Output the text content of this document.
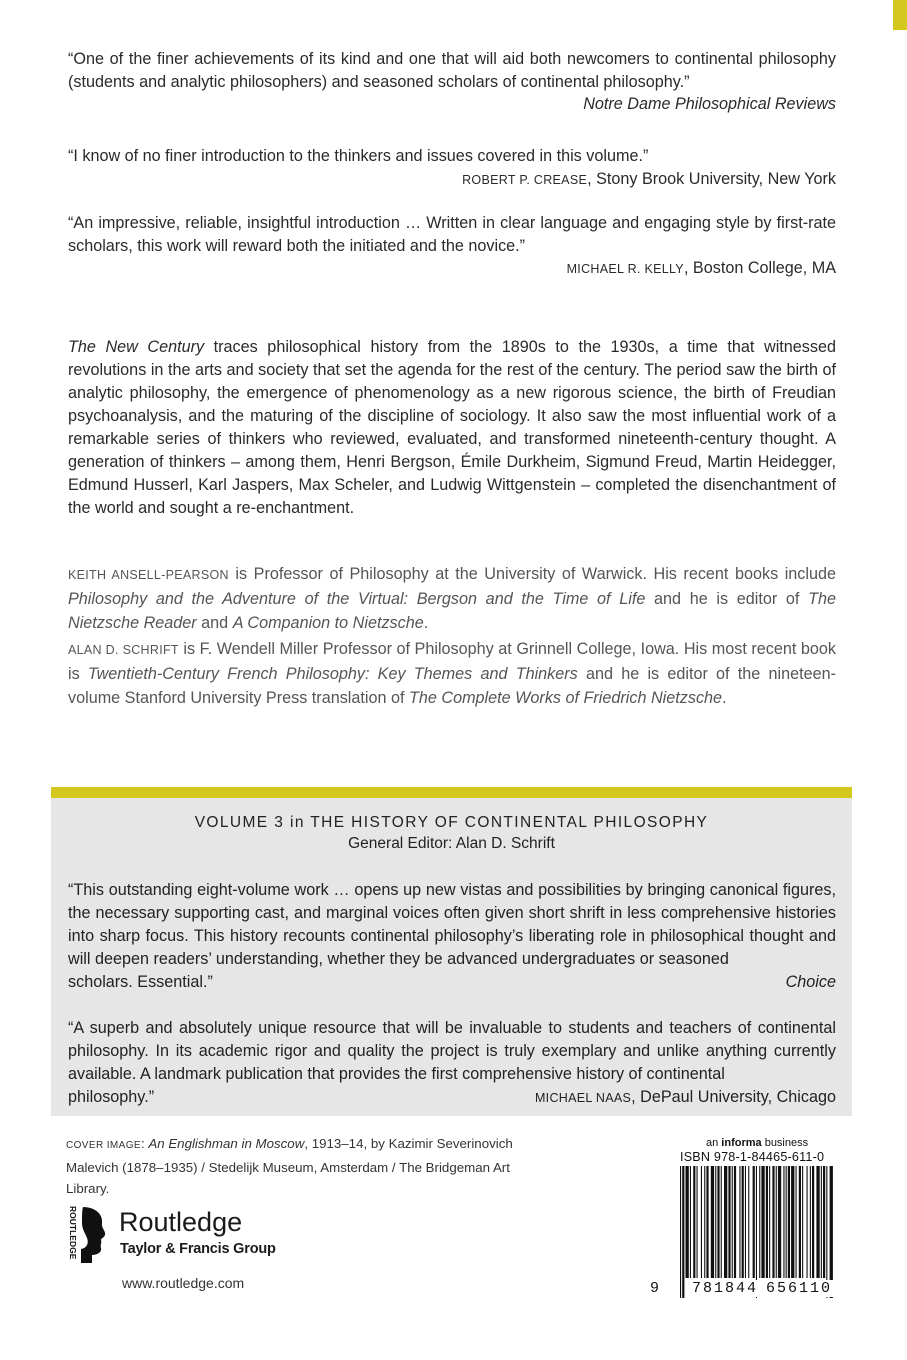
“One of the finer achievements of its kind and one that will aid both newcomers to continental philosophy (students and analytic philosophers) and seasoned scholars of continental philosophy.”

Notre Dame Philosophical Reviews

“I know of no finer introduction to the thinkers and issues covered in this volume.”

ROBERT P. CREASE, Stony Brook University, New York

“An impressive, reliable, insightful introduction … Written in clear language and engaging style by first-rate scholars, this work will reward both the initiated and the novice.”

MICHAEL R. KELLY, Boston College, MA

The New Century traces philosophical history from the 1890s to the 1930s, a time that witnessed revolutions in the arts and society that set the agenda for the rest of the century. The period saw the birth of analytic philosophy, the emergence of phenomenology as a new rigorous science, the birth of Freudian psychoanalysis, and the maturing of the discipline of sociology. It also saw the most influential work of a remarkable series of thinkers who reviewed, evaluated, and transformed nineteenth-century thought. A generation of thinkers – among them, Henri Bergson, Émile Durkheim, Sigmund Freud, Martin Heidegger, Edmund Husserl, Karl Jaspers, Max Scheler, and Ludwig Wittgenstein – completed the disenchantment of the world and sought a re-enchantment.

KEITH ANSELL-PEARSON is Professor of Philosophy at the University of Warwick. His recent books include Philosophy and the Adventure of the Virtual: Bergson and the Time of Life and he is editor of The Nietzsche Reader and A Companion to Nietzsche.

ALAN D. SCHRIFT is F. Wendell Miller Professor of Philosophy at Grinnell College, Iowa. His most recent book is Twentieth-Century French Philosophy: Key Themes and Thinkers and he is editor of the nineteen-volume Stanford University Press translation of The Complete Works of Friedrich Nietzsche.

VOLUME 3 in THE HISTORY OF CONTINENTAL PHILOSOPHY
General Editor: Alan D. Schrift
“This outstanding eight-volume work … opens up new vistas and possibilities by bringing canonical figures, the necessary supporting cast, and marginal voices often given short shrift in less comprehensive histories into sharp focus. This history recounts continental philosophy’s liberating role in philosophical thought and will deepen readers’ understanding, whether they be advanced undergraduates or seasoned
scholars. Essential.”	Choice
“A superb and absolutely unique resource that will be invaluable to students and teachers of continental philosophy. In its academic rigor and quality the project is truly exemplary and unlike anything currently available. A landmark publication that provides the first comprehensive history of continental
philosophy.”	MICHAEL NAAS, DePaul University, Chicago
COVER IMAGE: An Englishman in Moscow, 1913–14, by Kazimir Severinovich Malevich (1878–1935) / Stedelijk Museum, Amsterdam / The Bridgeman Art Library.
ROUTLEDGE Routledge
Taylor & Francis Group
www.routledge.com
an informa business
ISBN 978-1-84465-611-0
9 781844 656110
